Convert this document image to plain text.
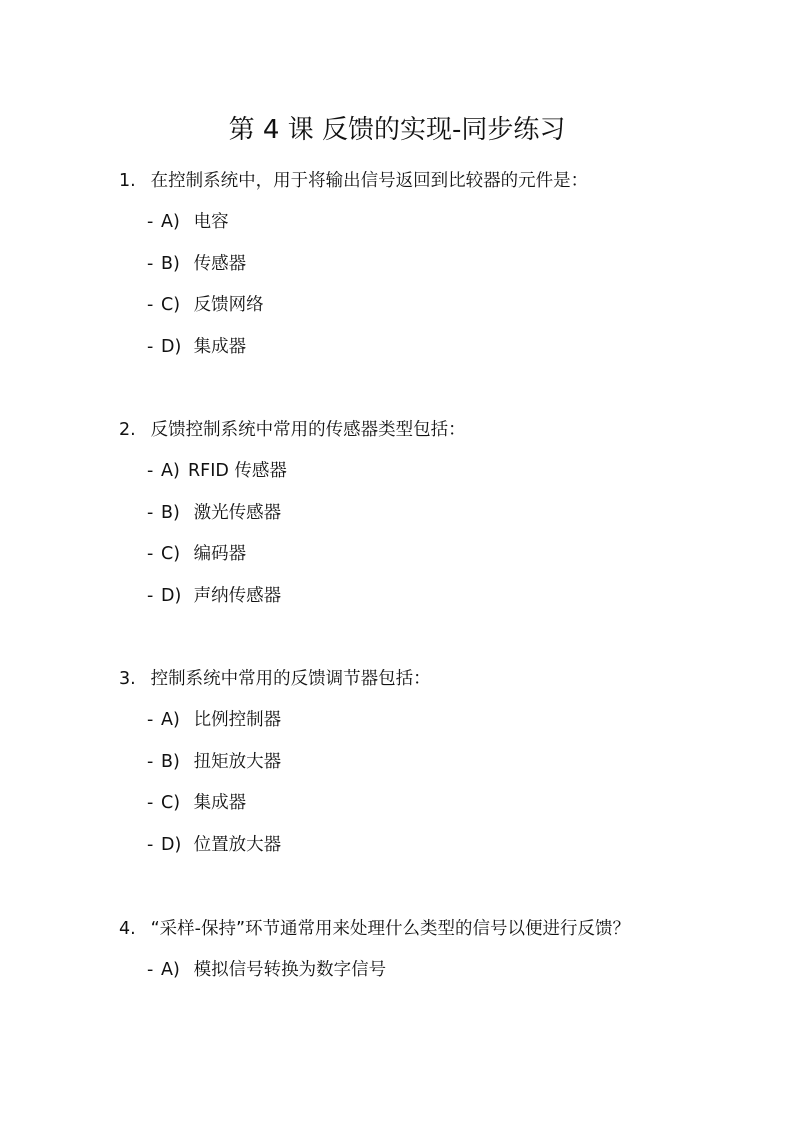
第 4 课 反馈的实现-同步练习

1. 在控制系统中，用于将输出信号返回到比较器的元件是：

- A) 电容
- B) 传感器
- C) 反馈网络
- D) 集成器

2. 反馈控制系统中常用的传感器类型包括：

- A) RFID 传感器
- B) 激光传感器
- C) 编码器
- D) 声纳传感器

3. 控制系统中常用的反馈调节器包括：

- A) 比例控制器
- B) 扭矩放大器
- C) 集成器
- D) 位置放大器

4. “采样-保持”环节通常用来处理什么类型的信号以便进行反馈？

- A) 模拟信号转换为数字信号
